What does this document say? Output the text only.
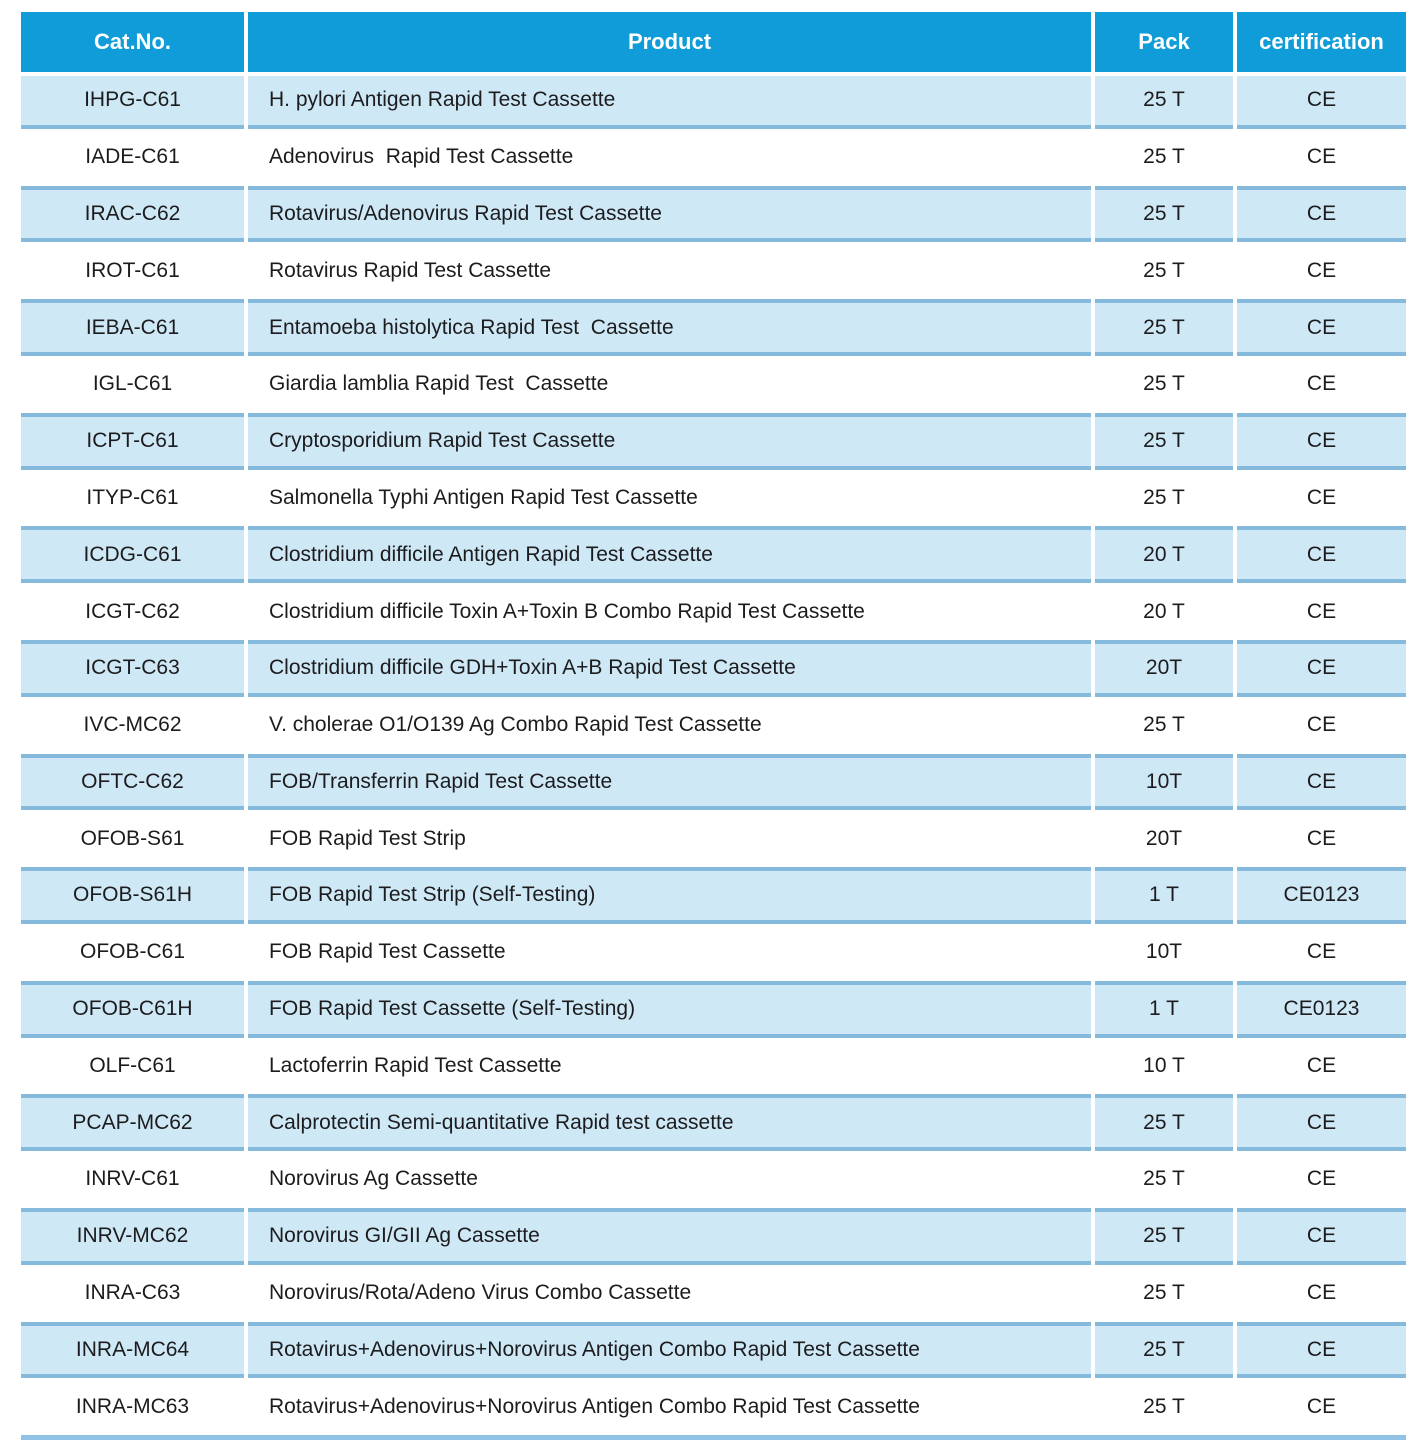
Cat.No.	Product	Pack	certification
IHPG-C61	H. pylori Antigen Rapid Test Cassette	25 T	CE
IADE-C61	Adenovirus  Rapid Test Cassette	25 T	CE
IRAC-C62	Rotavirus/Adenovirus Rapid Test Cassette	25 T	CE
IROT-C61	Rotavirus Rapid Test Cassette	25 T	CE
IEBA-C61	Entamoeba histolytica Rapid Test  Cassette	25 T	CE
IGL-C61	Giardia lamblia Rapid Test  Cassette	25 T	CE
ICPT-C61	Cryptosporidium Rapid Test Cassette	25 T	CE
ITYP-C61	Salmonella Typhi Antigen Rapid Test Cassette	25 T	CE
ICDG-C61	Clostridium difficile Antigen Rapid Test Cassette	20 T	CE
ICGT-C62	Clostridium difficile Toxin A+Toxin B Combo Rapid Test Cassette	20 T	CE
ICGT-C63	Clostridium difficile GDH+Toxin A+B Rapid Test Cassette	20T	CE
IVC-MC62	V. cholerae O1/O139 Ag Combo Rapid Test Cassette	25 T	CE
OFTC-C62	FOB/Transferrin Rapid Test Cassette	10T	CE
OFOB-S61	FOB Rapid Test Strip	20T	CE
OFOB-S61H	FOB Rapid Test Strip (Self-Testing)	1 T	CE0123
OFOB-C61	FOB Rapid Test Cassette	10T	CE
OFOB-C61H	FOB Rapid Test Cassette (Self-Testing)	1 T	CE0123
OLF-C61	Lactoferrin Rapid Test Cassette	10 T	CE
PCAP-MC62	Calprotectin Semi-quantitative Rapid test cassette	25 T	CE
INRV-C61	Norovirus Ag Cassette	25 T	CE
INRV-MC62	Norovirus GI/GII Ag Cassette	25 T	CE
INRA-C63	Norovirus/Rota/Adeno Virus Combo Cassette	25 T	CE
INRA-MC64	Rotavirus+Adenovirus+Norovirus Antigen Combo Rapid Test Cassette	25 T	CE
INRA-MC63	Rotavirus+Adenovirus+Norovirus Antigen Combo Rapid Test Cassette	25 T	CE
